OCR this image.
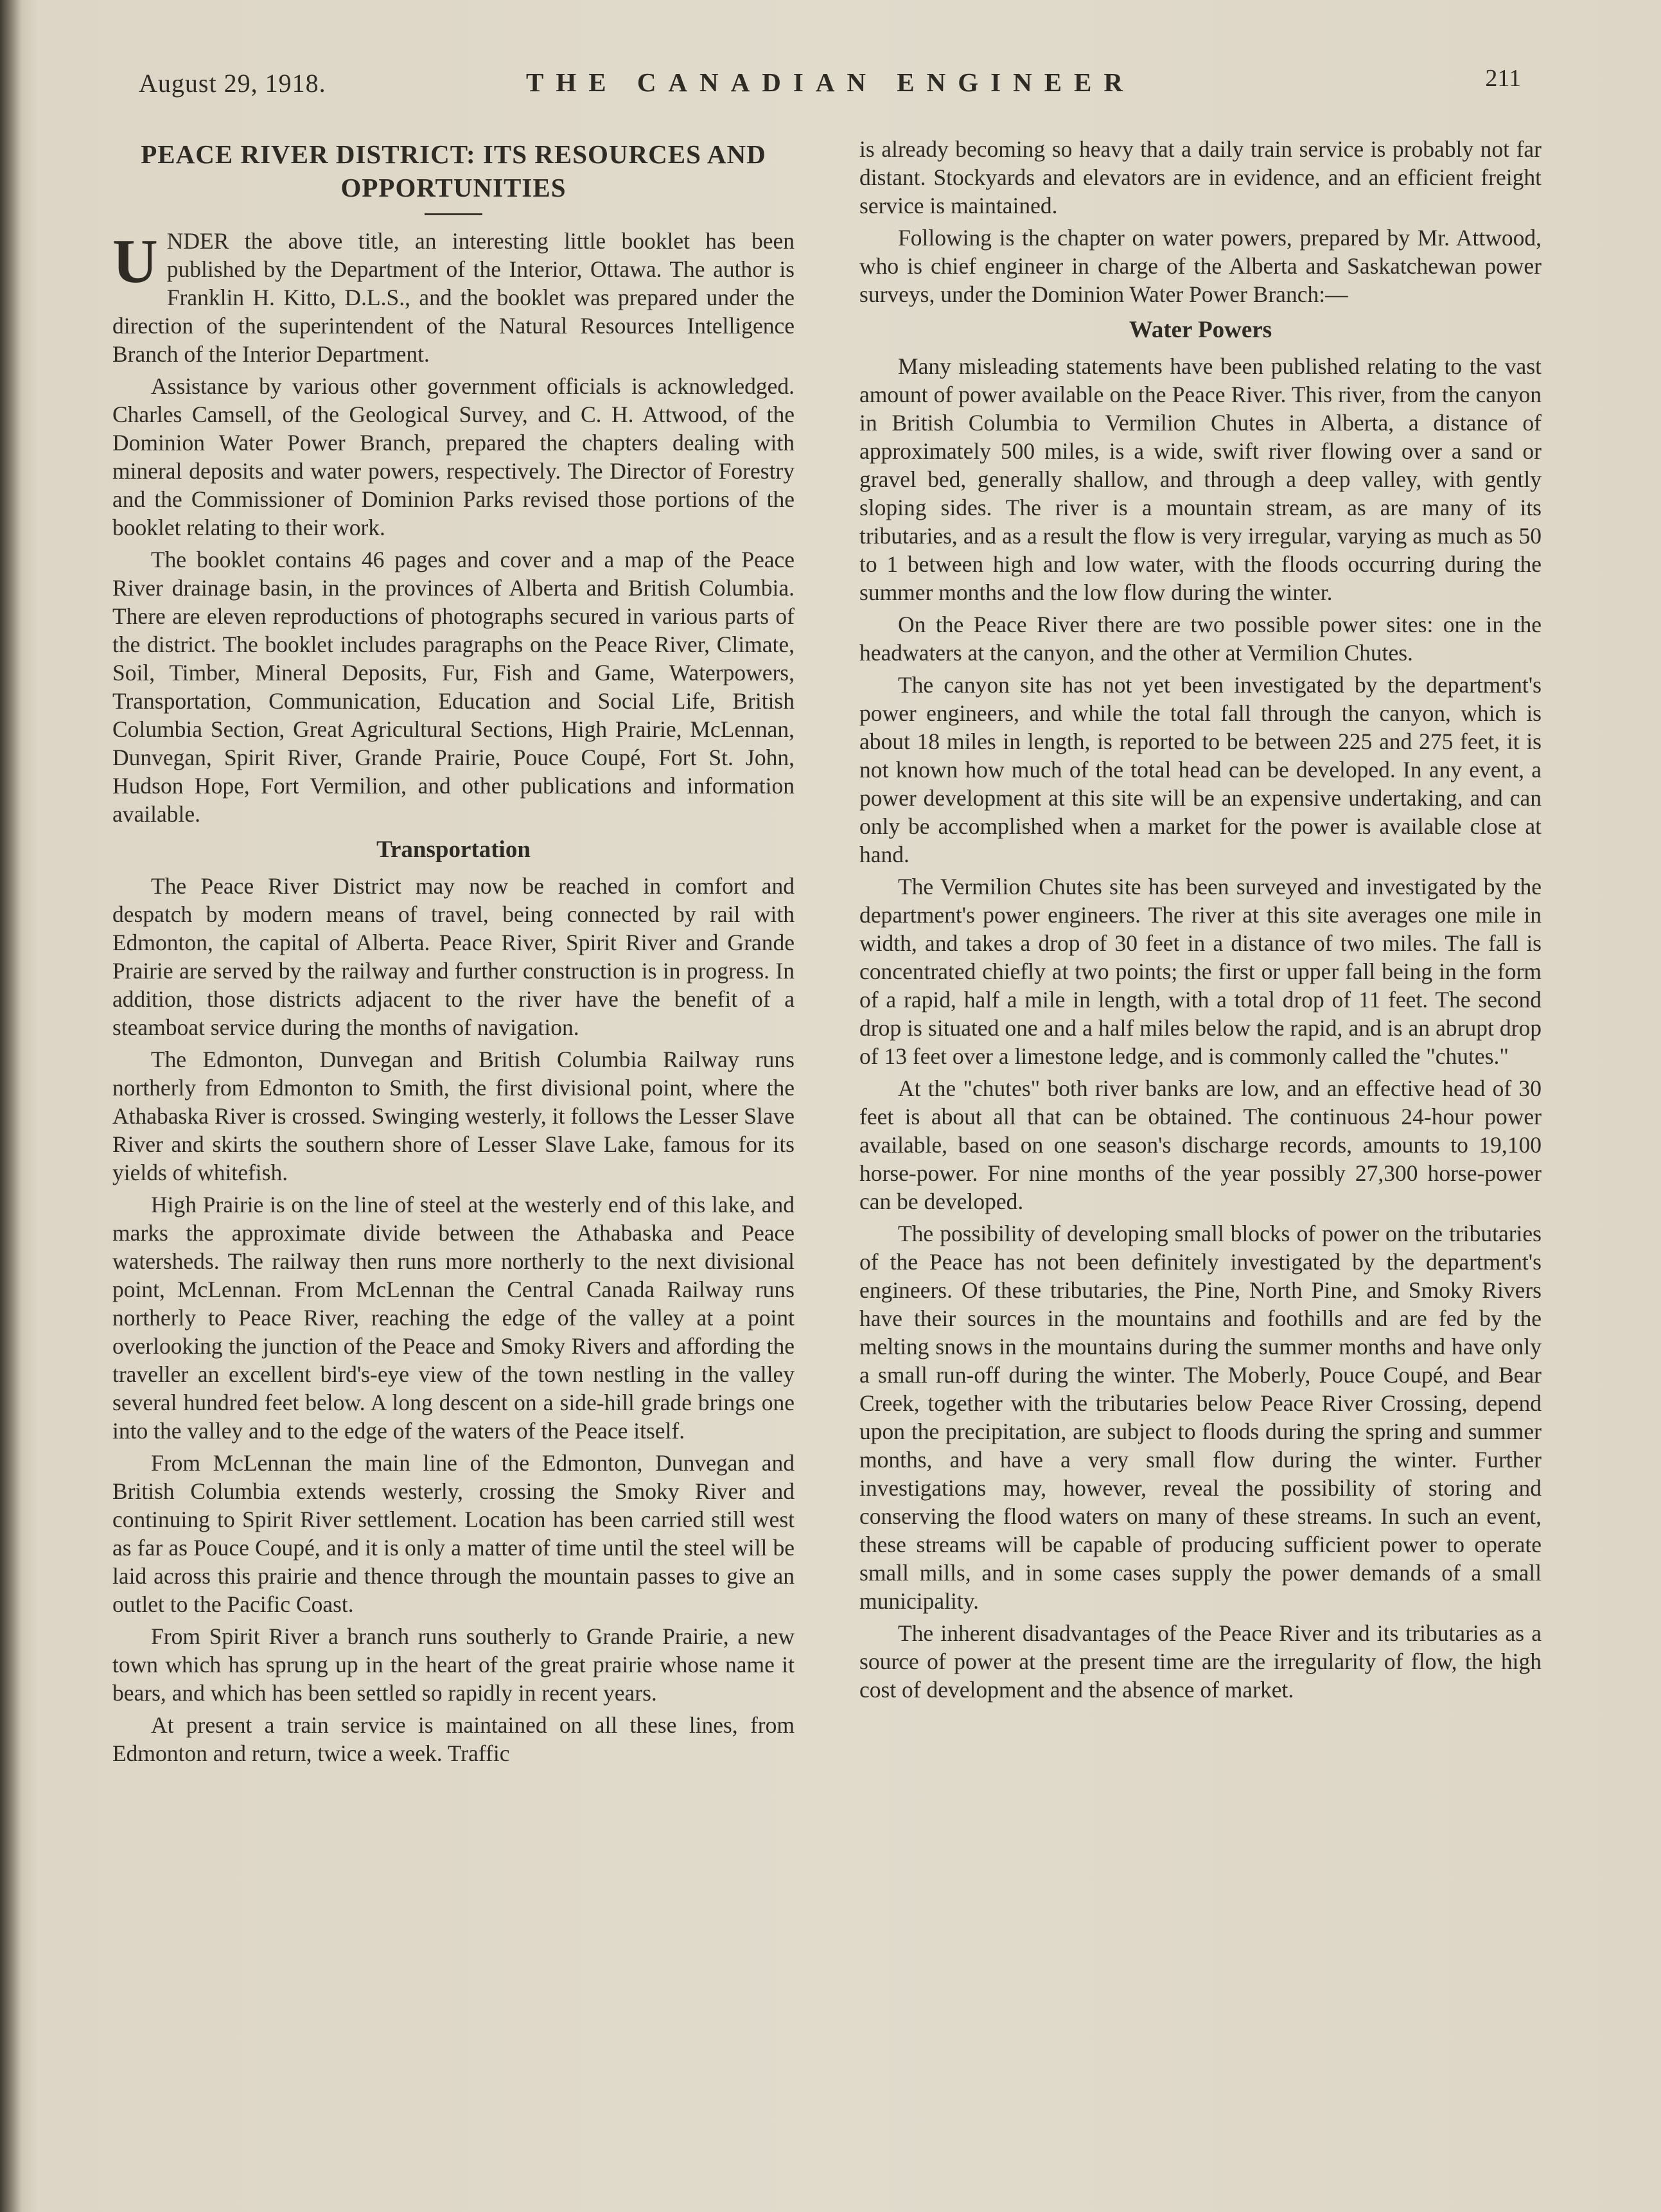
August 29, 1918.	THE CANADIAN ENGINEER	211
PEACE RIVER DISTRICT: ITS RESOURCES AND OPPORTUNITIES

UNDER the above title, an interesting little booklet has been published by the Department of the Interior, Ottawa. The author is Franklin H. Kitto, D.L.S., and the booklet was prepared under the direction of the superintendent of the Natural Resources Intelligence Branch of the Interior Department.

Assistance by various other government officials is acknowledged. Charles Camsell, of the Geological Survey, and C. H. Attwood, of the Dominion Water Power Branch, prepared the chapters dealing with mineral deposits and water powers, respectively. The Director of Forestry and the Commissioner of Dominion Parks revised those portions of the booklet relating to their work.

The booklet contains 46 pages and cover and a map of the Peace River drainage basin, in the provinces of Alberta and British Columbia. There are eleven reproductions of photographs secured in various parts of the district. The booklet includes paragraphs on the Peace River, Climate, Soil, Timber, Mineral Deposits, Fur, Fish and Game, Waterpowers, Transportation, Communication, Education and Social Life, British Columbia Section, Great Agricultural Sections, High Prairie, McLennan, Dunvegan, Spirit River, Grande Prairie, Pouce Coupé, Fort St. John, Hudson Hope, Fort Vermilion, and other publications and information available.

Transportation

The Peace River District may now be reached in comfort and despatch by modern means of travel, being connected by rail with Edmonton, the capital of Alberta. Peace River, Spirit River and Grande Prairie are served by the railway and further construction is in progress. In addition, those districts adjacent to the river have the benefit of a steamboat service during the months of navigation.

The Edmonton, Dunvegan and British Columbia Railway runs northerly from Edmonton to Smith, the first divisional point, where the Athabaska River is crossed. Swinging westerly, it follows the Lesser Slave River and skirts the southern shore of Lesser Slave Lake, famous for its yields of whitefish.

High Prairie is on the line of steel at the westerly end of this lake, and marks the approximate divide between the Athabaska and Peace watersheds. The railway then runs more northerly to the next divisional point, McLennan. From McLennan the Central Canada Railway runs northerly to Peace River, reaching the edge of the valley at a point overlooking the junction of the Peace and Smoky Rivers and affording the traveller an excellent bird's-eye view of the town nestling in the valley several hundred feet below. A long descent on a side-hill grade brings one into the valley and to the edge of the waters of the Peace itself.

From McLennan the main line of the Edmonton, Dunvegan and British Columbia extends westerly, crossing the Smoky River and continuing to Spirit River settlement. Location has been carried still west as far as Pouce Coupé, and it is only a matter of time until the steel will be laid across this prairie and thence through the mountain passes to give an outlet to the Pacific Coast.

From Spirit River a branch runs southerly to Grande Prairie, a new town which has sprung up in the heart of the great prairie whose name it bears, and which has been settled so rapidly in recent years.

At present a train service is maintained on all these lines, from Edmonton and return, twice a week. Traffic

is already becoming so heavy that a daily train service is probably not far distant. Stockyards and elevators are in evidence, and an efficient freight service is maintained.

Following is the chapter on water powers, prepared by Mr. Attwood, who is chief engineer in charge of the Alberta and Saskatchewan power surveys, under the Dominion Water Power Branch:—

Water Powers

Many misleading statements have been published relating to the vast amount of power available on the Peace River. This river, from the canyon in British Columbia to Vermilion Chutes in Alberta, a distance of approximately 500 miles, is a wide, swift river flowing over a sand or gravel bed, generally shallow, and through a deep valley, with gently sloping sides. The river is a mountain stream, as are many of its tributaries, and as a result the flow is very irregular, varying as much as 50 to 1 between high and low water, with the floods occurring during the summer months and the low flow during the winter.

On the Peace River there are two possible power sites: one in the headwaters at the canyon, and the other at Vermilion Chutes.

The canyon site has not yet been investigated by the department's power engineers, and while the total fall through the canyon, which is about 18 miles in length, is reported to be between 225 and 275 feet, it is not known how much of the total head can be developed. In any event, a power development at this site will be an expensive undertaking, and can only be accomplished when a market for the power is available close at hand.

The Vermilion Chutes site has been surveyed and investigated by the department's power engineers. The river at this site averages one mile in width, and takes a drop of 30 feet in a distance of two miles. The fall is concentrated chiefly at two points; the first or upper fall being in the form of a rapid, half a mile in length, with a total drop of 11 feet. The second drop is situated one and a half miles below the rapid, and is an abrupt drop of 13 feet over a limestone ledge, and is commonly called the "chutes."

At the "chutes" both river banks are low, and an effective head of 30 feet is about all that can be obtained. The continuous 24-hour power available, based on one season's discharge records, amounts to 19,100 horse-power. For nine months of the year possibly 27,300 horse-power can be developed.

The possibility of developing small blocks of power on the tributaries of the Peace has not been definitely investigated by the department's engineers. Of these tributaries, the Pine, North Pine, and Smoky Rivers have their sources in the mountains and foothills and are fed by the melting snows in the mountains during the summer months and have only a small run-off during the winter. The Moberly, Pouce Coupé, and Bear Creek, together with the tributaries below Peace River Crossing, depend upon the precipitation, are subject to floods during the spring and summer months, and have a very small flow during the winter. Further investigations may, however, reveal the possibility of storing and conserving the flood waters on many of these streams. In such an event, these streams will be capable of producing sufficient power to operate small mills, and in some cases supply the power demands of a small municipality.

The inherent disadvantages of the Peace River and its tributaries as a source of power at the present time are the irregularity of flow, the high cost of development and the absence of market.
